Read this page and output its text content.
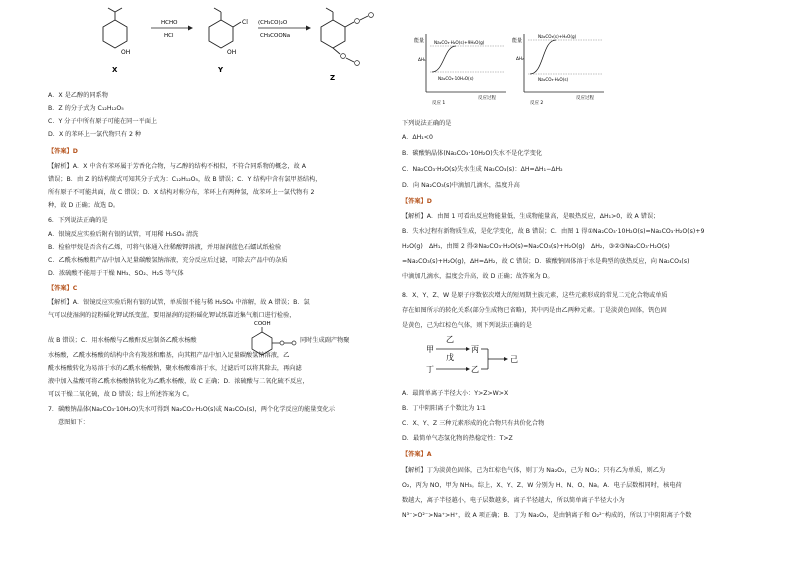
OH
X
HCHO
HCl
Cl
OH
Y
(CH₃CO)₂O
CH₃COONa
Z
A．X 是乙醇的同系物
B．Z 的分子式为 C₁₂H₁₂O₅
C．Y 分子中所有原子可能在同一平面上
D．X 的苯环上一氯代物只有 2 种
【答案】D
【解析】A．X 中含有苯环属于芳香化合物，与乙醇的结构不相似，不符合同系物的概念，故 A
错误；B．由 Z 的结构简式可知其分子式为：C₁₂H₁₂O₅，故 B 错误；C．Y 结构中含有氯甲基结构，
所有原子不可能共面，故 C 错误；D．X 结构对称分布，苯环上有两种氢，故苯环上一氯代物有 2
种，故 D 正确；故选 D。
6．下列说法正确的是
A．银镜反应实验后附有银的试管，可用稀 H₂SO₄ 清洗
B．检验甲烷是否含有乙烯，可将气体通入往稀酸钾溶液，并用湿润蓝色石蠕试纸检验
C．乙酰水杨酸粗产品中加入足量碳酸氢钠溶液，充分反应后过滤，可除去产品中的杂质
D．浓硫酸不能用于干燥 NH₃、SO₂、H₂S 等气体
【答案】C
【解析】A．银镜反应实验后附有银的试管，单质银不能与稀 H₂SO₄ 中溶解，故 A 错误；B．氯
气可以使湿润的淀粉磘化钾试纸变蓝，要用湿润的淀粉磘化钾试纸靠近集气瓶口进行检验，
故 B 错误；C．用水杨酸与乙酸酐反应制备乙酰水杨酸	同时生成副产物聚
水杨酸，乙酰水杨酸的结构中含有羧基和酯基，向其粗产品中加入足量碳酸氢钠溶液，乙
酰水杨酸转化为易溶于水的乙酰水杨酸钠，聚水杨酸难溶于水，过滤后可以将其除去，再向滤
液中加入盐酸可将乙酰水杨酸钠转化为乙酰水杨酸，故 C 正确；D．浓硫酸与二氧化硫不反应，
可以干燥二氧化硫，故 D 错误；综上所述答案为 C。
7．碳酸钠晶体(Na₂CO₃·10H₂O)失水可得到 Na₂CO₃·H₂O(s)或 Na₂CO₃(s)，两个化学反应的能量变化示
意图如下：
COOH
能量 Na₂CO₃·H₂O(s)+9H₂O(g)
Na₂CO₃·10H₂O(s)
ΔH₁
反应过程
反应 1
能量
Na₂CO₃(s)+H₂O(g)
Na₂CO₃·H₂O(s)
ΔH₂
反应过程
反应 2
下列说法正确的是
A．ΔH₁<0
B．碳酸钠晶体(Na₂CO₃·10H₂O)失水不是化学变化
C．Na₂CO₃·H₂O(s)失水生成 Na₂CO₃(s)：ΔH=ΔH₁−ΔH₂
D．向 Na₂CO₃(s)中滴加几滴水，温度升高
【答案】D
【解析】A．由图 1 可看出反应物能量低，生成物能量高，是吸热反应，ΔH₁>0，故 A 错误；
B．失水过程有新物质生成，是化学变化，故 B 错误；C．由图 1 得①Na₂CO₃·10H₂O(s)=Na₂CO₃·H₂O(s)+9
H₂O(g)　ΔH₁，由图 2 得②Na₂CO₃·H₂O(s)=Na₂CO₃(s)+H₂O(g)　ΔH₂，③②③Na₂CO₃·H₂O(s)
=Na₂CO₃(s)+H₂O(g)，ΔH=ΔH₂，故 C 错误；D．碳酸钠固体溶于水是典型的放热反应，向 Na₂CO₃(s)
中滴加几滴水，温度会升高，故 D 正确；故答案为 D。
8．X、Y、Z、W 是原子序数依次增大的短周期主族元素，这些元素形成的常见二元化合物或单质
存在如图所示的转化关系(部分生成物已省略)，其中丙是由乙两种元素。丁是淡黄色固体，钒色固
是黄色，己为红棕色气体，则下列说法正确的是
A．最简单离子半径大小：Y>Z>W>X
B．丁中阴阳离子个数比为 1∶1
C．X、Y、Z 三种元素形成的化合物只有共价化合物
D．最简单气态氢化物的热稳定性：T>Z
【答案】A
【解析】丁为淡黄色固体，己为红棕色气体，则丁为 Na₂O₂，己为 NO₂；只有乙为单质，则乙为
O₂，丙为 NO，甲为 NH₃。综上，X、Y、Z、W 分别为 H、N、O、Na。A．电子层数相同时，核电荷
数越大，离子半径越小，电子层数越多，离子半径越大，所以简单离子半径大小为
N³⁻>O²⁻>Na⁺>H⁺，故 A 项正确；B．丁为 Na₂O₂，是由钠离子和 O₂²⁻构成的，所以丁中阴阳离子个数
甲
乙
丙
戊
丁	乙
己
